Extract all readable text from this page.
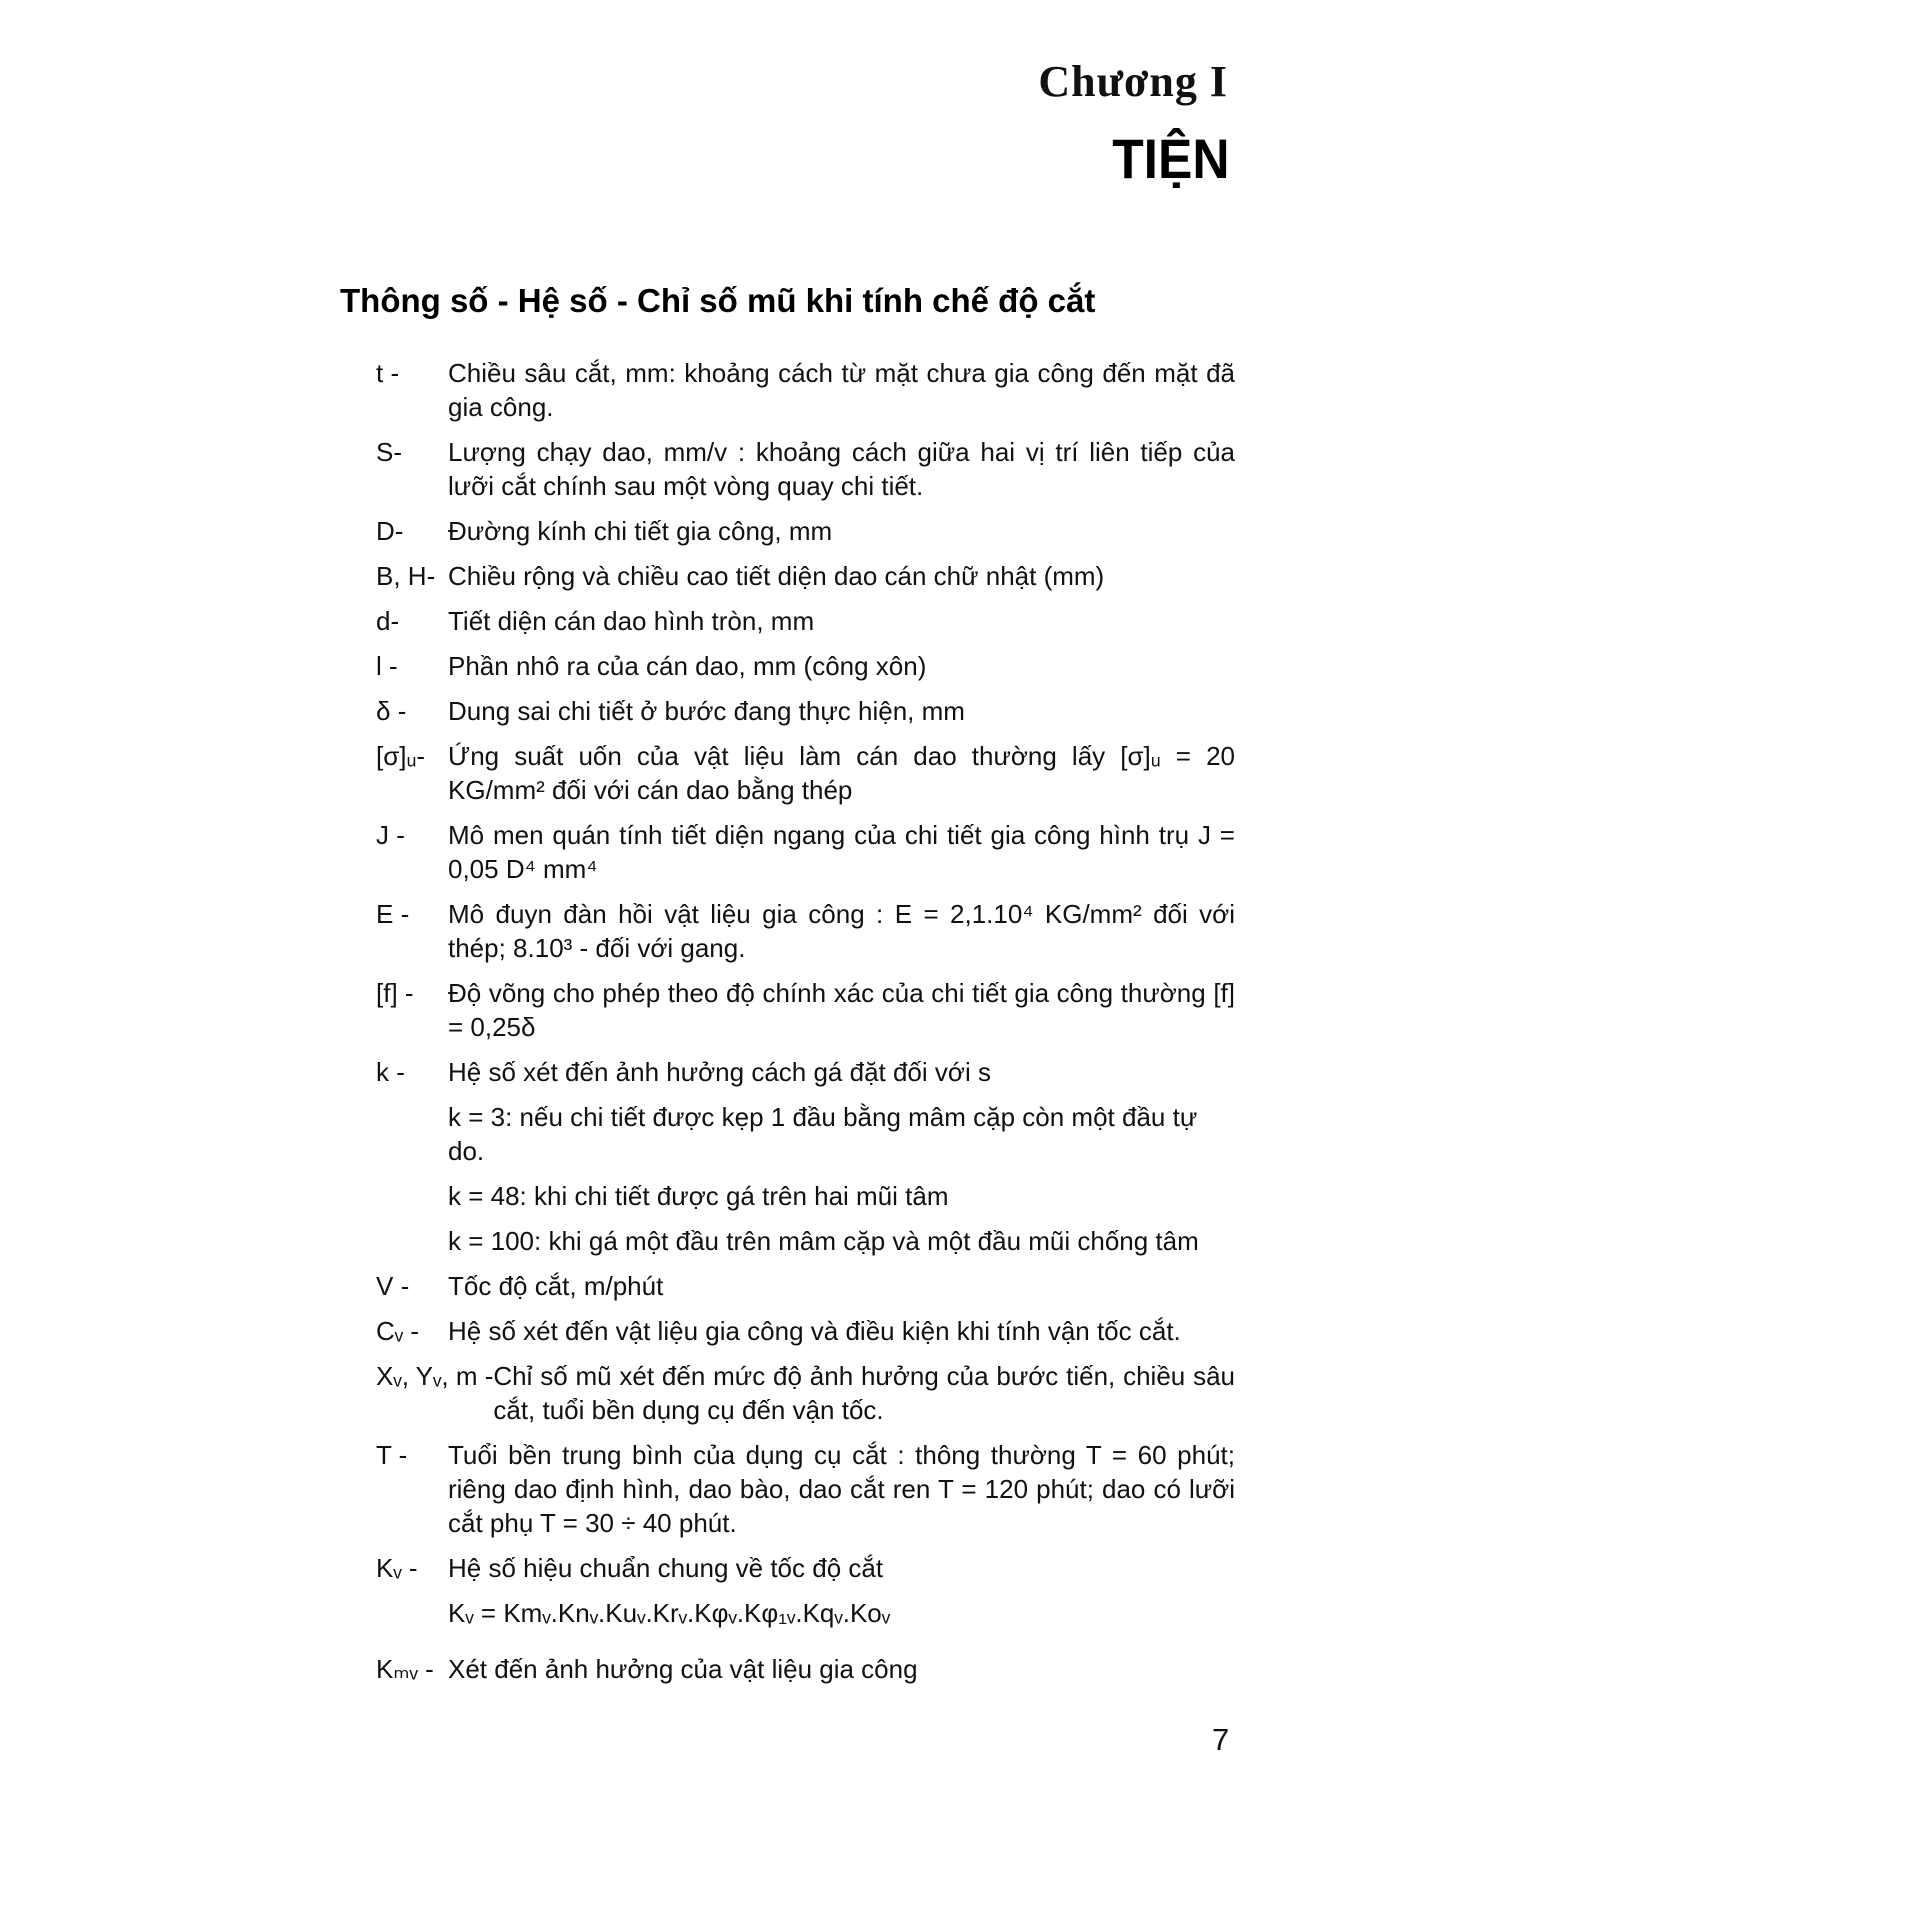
Chương I
TIỆN
Thông số - Hệ số - Chỉ số mũ khi tính chế độ cắt
t -	Chiều sâu cắt, mm: khoảng cách từ mặt chưa gia công đến mặt đã gia công.
S-	Lượng chạy dao, mm/v : khoảng cách giữa hai vị trí liên tiếp của lưỡi cắt chính sau một vòng quay chi tiết.
D-	Đường kính chi tiết gia công, mm
B, H- Chiều rộng và chiều cao tiết diện dao cán chữ nhật (mm)
d-	Tiết diện cán dao hình tròn, mm
l -	Phần nhô ra của cán dao, mm (công xôn)
δ -	Dung sai chi tiết ở bước đang thực hiện, mm
[σ]ᵤ- Ứng suất uốn của vật liệu làm cán dao thường lấy [σ]ᵤ = 20 KG/mm² đối với cán dao bằng thép
J -	Mô men quán tính tiết diện ngang của chi tiết gia công hình trụ J = 0,05 D⁴ mm⁴
E -	Mô đuyn đàn hồi vật liệu gia công : E = 2,1.10⁴ KG/mm² đối với thép; 8.10³ - đối với gang.
[f] -	Độ võng cho phép theo độ chính xác của chi tiết gia công thường [f] = 0,25δ
k -	Hệ số xét đến ảnh hưởng cách gá đặt đối với s
k = 3: nếu chi tiết được kẹp 1 đầu bằng mâm cặp còn một đầu tự do.
k = 48: khi chi tiết được gá trên hai mũi tâm
k = 100: khi gá một đầu trên mâm cặp và một đầu mũi chống tâm
V -	Tốc độ cắt, m/phút
Cᵥ -	Hệ số xét đến vật liệu gia công và điều kiện khi tính vận tốc cắt.
Xᵥ, Yᵥ, m - Chỉ số mũ xét đến mức độ ảnh hưởng của bước tiến, chiều sâu cắt, tuổi bền dụng cụ đến vận tốc.
T -	Tuổi bền trung bình của dụng cụ cắt : thông thường T = 60 phút; riêng dao định hình, dao bào, dao cắt ren T = 120 phút; dao có lưỡi cắt phụ T = 30 ÷ 40 phút.
Kᵥ -	Hệ số hiệu chuẩn chung về tốc độ cắt
Kᵥ = Kmᵥ.Knᵥ.Kuᵥ.Krᵥ.Kφᵥ.Kφ₁ᵥ.Kqᵥ.Koᵥ
Kₘᵥ - Xét đến ảnh hưởng của vật liệu gia công
7
